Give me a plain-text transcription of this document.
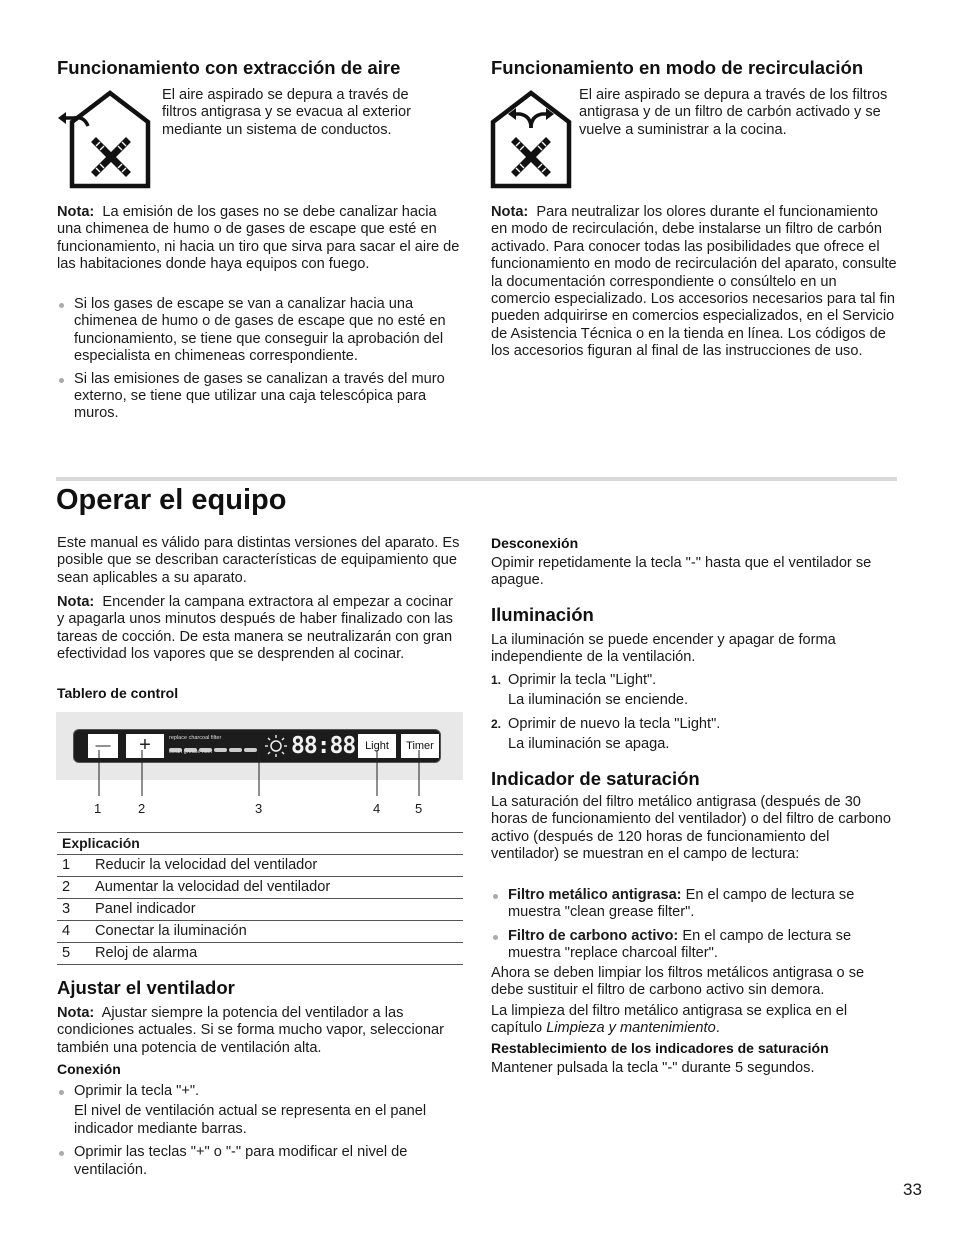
Funcionamiento con extracción de aire

El aire aspirado se depura a través de filtros antigrasa y se evacua al exterior mediante un sistema de conductos.

Nota: La emisión de los gases no se debe canalizar hacia una chimenea de humo o de gases de escape que esté en funcionamiento, ni hacia un tiro que sirva para sacar el aire de las habitaciones donde haya equipos con fuego.

Si los gases de escape se van a canalizar hacia una chimenea de humo o de gases de escape que no esté en funcionamiento, se tiene que conseguir la aprobación del especialista en chimeneas correspondiente.

Si las emisiones de gases se canalizan a través del muro externo, se tiene que utilizar una caja telescópica para muros.

Funcionamiento en modo de recirculación

El aire aspirado se depura a través de los filtros antigrasa y de un filtro de carbón activado y se vuelve a suministrar a la cocina.

Nota: Para neutralizar los olores durante el funcionamiento en modo de recirculación, debe instalarse un filtro de carbón activado. Para conocer todas las posibilidades que ofrece el funcionamiento en modo de recirculación del aparato, consulte la documentación correspondiente o consúltelo en un comercio especializado. Los accesorios necesarios para tal fin pueden adquirirse en comercios especializados, en el Servicio de Asistencia Técnica o en la tienda en línea. Los códigos de los accesorios figuran al final de las instrucciones de uso.

Operar el equipo

Este manual es válido para distintas versiones del aparato. Es posible que se describan características de equipamiento que sean aplicables a su aparato.

Nota: Encender la campana extractora al empezar a cocinar y apagarla unos minutos después de haber finalizado con las tareas de cocción. De esta manera se neutralizarán con gran efectividad los vapores que se desprenden al cocinar.

Tablero de control
—	+	replace charcoal filter
clean grease filter	88:88 Light	Timer
1	2	3	4	5
Explicación	
1	Reducir la velocidad del ventilador
2	Aumentar la velocidad del ventilador
3	Panel indicador
4	Conectar la iluminación
5	Reloj de alarma
Ajustar el ventilador

Nota: Ajustar siempre la potencia del ventilador a las condiciones actuales. Si se forma mucho vapor, seleccionar también una potencia de ventilación alta.

Conexión

Oprimir la tecla "+".

El nivel de ventilación actual se representa en el panel indicador mediante barras.

Oprimir las teclas "+" o "-" para modificar el nivel de ventilación.

Desconexión

Opimir repetidamente la tecla "-" hasta que el ventilador se apague.

Iluminación

La iluminación se puede encender y apagar de forma independiente de la ventilación.

1. Oprimir la tecla "Light".

La iluminación se enciende.

2. Oprimir de nuevo la tecla "Light".

La iluminación se apaga.

Indicador de saturación

La saturación del filtro metálico antigrasa (después de 30 horas de funcionamiento del ventilador) o del filtro de carbono activo (después de 120 horas de funcionamiento del ventilador) se muestran en el campo de lectura:

Filtro metálico antigrasa: En el campo de lectura se muestra "clean grease filter".

Filtro de carbono activo: En el campo de lectura se muestra "replace charcoal filter".

Ahora se deben limpiar los filtros metálicos antigrasa o se debe sustituir el filtro de carbono activo sin demora.

La limpieza del filtro metálico antigrasa se explica en el capítulo Limpieza y mantenimiento.

Restablecimiento de los indicadores de saturación

Mantener pulsada la tecla "-" durante 5 segundos.

33
